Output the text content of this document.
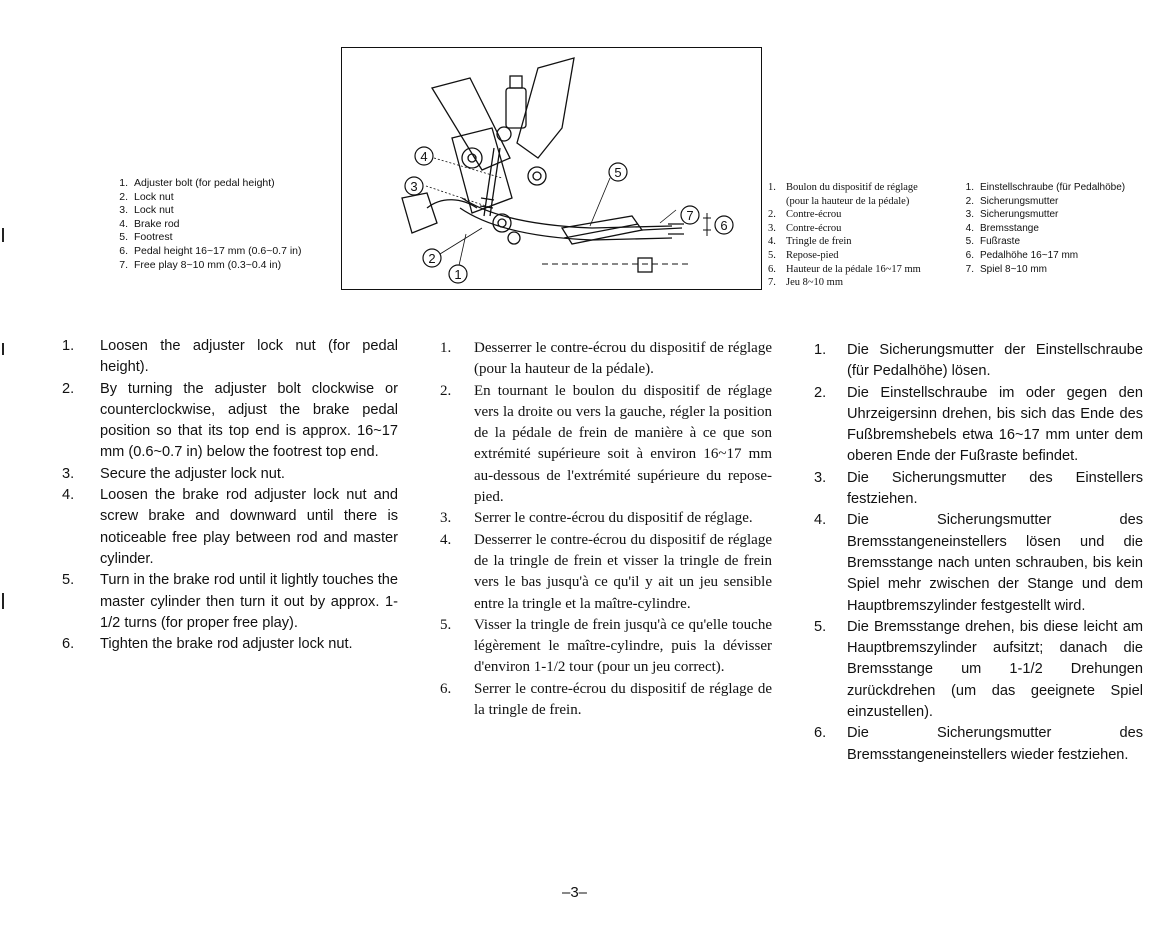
1. Adjuster bolt (for pedal height)
2. Lock nut
3. Lock nut
4. Brake rod
5. Footrest
6. Pedal height 16~17 mm (0.6~0.7 in)
7. Free play 8~10 mm (0.3~0.4 in)
4
3
2
1
5
7
6
1. Boulon du dispositif de réglage
(pour la hauteur de la pédale)
2. Contre-écrou
3. Contre-écrou
4. Tringle de frein
5. Repose-pied
6. Hauteur de la pédale 16~17 mm
7. Jeu 8~10 mm
1. Einstellschraube (für Pedalhöbe)
2. Sicherungsmutter
3. Sicherungsmutter
4. Bremsstange
5. Fußraste
6. Pedalhöhe 16~17 mm
7. Spiel 8~10 mm
1.	Loosen the adjuster lock nut (for pedal height).
2.	By turning the adjuster bolt clockwise or counterclockwise, adjust the brake pedal position so that its top end is approx. 16~17 mm (0.6~0.7 in) below the footrest top end.
3.	Secure the adjuster lock nut.
4.	Loosen the brake rod adjuster lock nut and screw brake and downward until there is noticeable free play between rod and master cylinder.
5.	Turn in the brake rod until it lightly touches the master cylinder then turn it out by approx. 1-1/2 turns (for proper free play).
6.	Tighten the brake rod adjuster lock nut.
1.	Desserrer le contre-écrou du dispositif de réglage (pour la hauteur de la pédale).
2.	En tournant le boulon du dispositif de réglage vers la droite ou vers la gauche, régler la position de la pédale de frein de manière à ce que son extrémité supérieure soit à environ 16~17 mm au-dessous de l'extrémité supérieure du repose-pied.
3.	Serrer le contre-écrou du dispositif de réglage.
4.	Desserrer le contre-écrou du dispositif de réglage de la tringle de frein et visser la tringle de frein vers le bas jusqu'à ce qu'il y ait un jeu sensible entre la tringle et la maître-cylindre.
5.	Visser la tringle de frein jusqu'à ce qu'elle touche légèrement le maître-cylindre, puis la dévisser d'environ 1-1/2 tour (pour un jeu correct).
6.	Serrer le contre-écrou du dispositif de réglage de la tringle de frein.
1.	Die Sicherungsmutter der Einstellschraube (für Pedalhöhe) lösen.
2.	Die Einstellschraube im oder gegen den Uhrzeigersinn drehen, bis sich das Ende des Fußbremshebels etwa 16~17 mm unter dem oberen Ende der Fußraste befindet.
3.	Die Sicherungsmutter des Einstellers festziehen.
4.	Die Sicherungsmutter des Bremsstangeneinstellers lösen und die Bremsstange nach unten schrauben, bis kein Spiel mehr zwischen der Stange und dem Hauptbremszylinder festgestellt wird.
5.	Die Bremsstange drehen, bis diese leicht am Hauptbremszylinder aufsitzt; danach die Bremsstange um 1-1/2 Drehungen zurückdrehen (um das geeignete Spiel einzustellen).
6.	Die Sicherungsmutter des Bremsstangeneinstellers wieder festziehen.
–3–
